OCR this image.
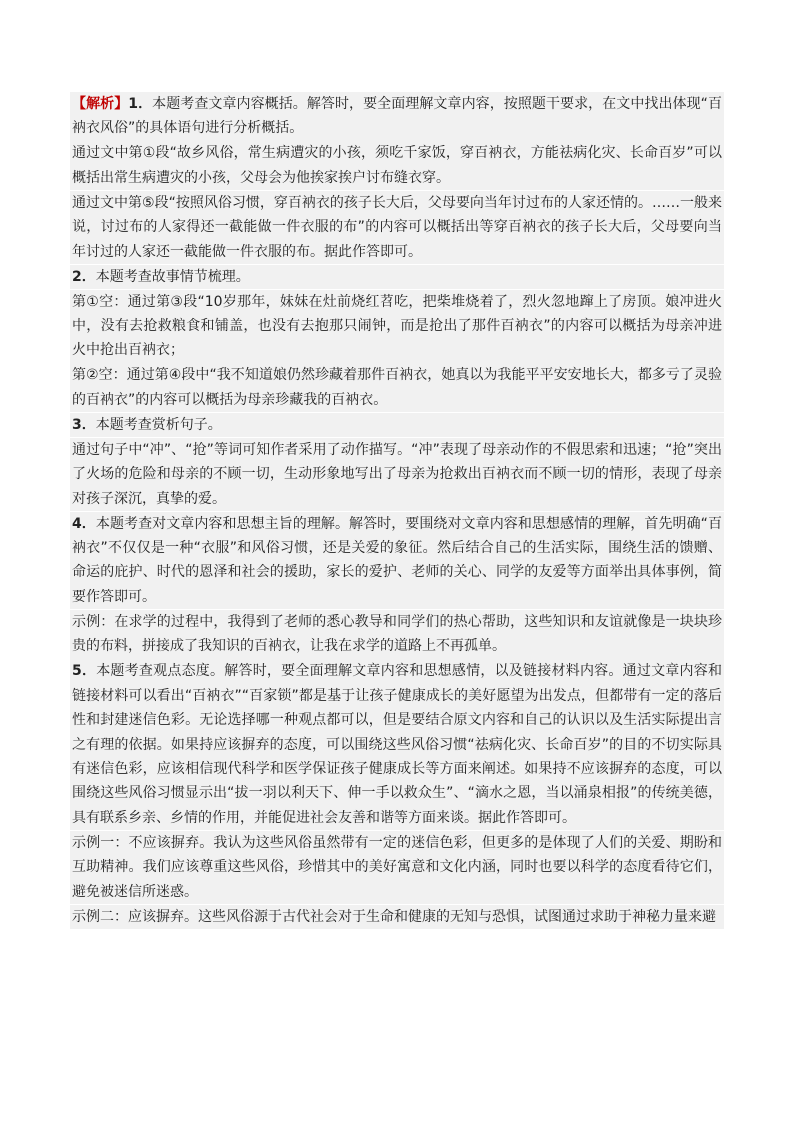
【解析】1．本题考查文章内容概括。解答时，要全面理解文章内容，按照题干要求，在文中找出体现“百衲衣风俗”的具体语句进行分析概括。

通过文中第①段“故乡风俗，常生病遭灾的小孩，须吃千家饭，穿百衲衣，方能祛病化灾、长命百岁”可以概括出常生病遭灾的小孩，父母会为他挨家挨户讨布缝衣穿。

通过文中第⑤段“按照风俗习惯，穿百衲衣的孩子长大后，父母要向当年讨过布的人家还情的。……一般来说，讨过布的人家得还一截能做一件衣服的布”的内容可以概括出等穿百衲衣的孩子长大后，父母要向当年讨过的人家还一截能做一件衣服的布。据此作答即可。

2．本题考查故事情节梳理。

第①空：通过第③段“10岁那年，妹妹在灶前烧红苕吃，把柴堆烧着了，烈火忽地蹿上了房顶。娘冲进火中，没有去抢救粮食和铺盖，也没有去抱那只闹钟，而是抢出了那件百衲衣”的内容可以概括为母亲冲进火中抢出百衲衣；

第②空：通过第④段中“我不知道娘仍然珍藏着那件百衲衣，她真以为我能平平安安地长大，都多亏了灵验的百衲衣”的内容可以概括为母亲珍藏我的百衲衣。

3．本题考查赏析句子。

通过句子中“冲”、“抢”等词可知作者采用了动作描写。“冲”表现了母亲动作的不假思索和迅速；“抢”突出了火场的危险和母亲的不顾一切，生动形象地写出了母亲为抢救出百衲衣而不顾一切的情形，表现了母亲对孩子深沉，真挚的爱。

4．本题考查对文章内容和思想主旨的理解。解答时，要围绕对文章内容和思想感情的理解，首先明确“百衲衣”不仅仅是一种“衣服”和风俗习惯，还是关爱的象征。然后结合自己的生活实际，围绕生活的馈赠、命运的庇护、时代的恩泽和社会的援助，家长的爱护、老师的关心、同学的友爱等方面举出具体事例，简要作答即可。

示例：在求学的过程中，我得到了老师的悉心教导和同学们的热心帮助，这些知识和友谊就像是一块块珍贵的布料，拼接成了我知识的百衲衣，让我在求学的道路上不再孤单。

5．本题考查观点态度。解答时，要全面理解文章内容和思想感情，以及链接材料内容。通过文章内容和链接材料可以看出“百衲衣”“百家锁”都是基于让孩子健康成长的美好愿望为出发点，但都带有一定的落后性和封建迷信色彩。无论选择哪一种观点都可以，但是要结合原文内容和自己的认识以及生活实际提出言之有理的依据。如果持应该摒弃的态度，可以围绕这些风俗习惯“祛病化灾、长命百岁”的目的不切实际具有迷信色彩，应该相信现代科学和医学保证孩子健康成长等方面来阐述。如果持不应该摒弃的态度，可以围绕这些风俗习惯显示出“拔一羽以利天下、伸一手以救众生”、“滴水之恩，当以涌泉相报”的传统美德，具有联系乡亲、乡情的作用，并能促进社会友善和谐等方面来谈。据此作答即可。

示例一：不应该摒弃。我认为这些风俗虽然带有一定的迷信色彩，但更多的是体现了人们的关爱、期盼和互助精神。我们应该尊重这些风俗，珍惜其中的美好寓意和文化内涵，同时也要以科学的态度看待它们，避免被迷信所迷惑。

示例二：应该摒弃。这些风俗源于古代社会对于生命和健康的无知与恐惧，试图通过求助于神秘力量来避
